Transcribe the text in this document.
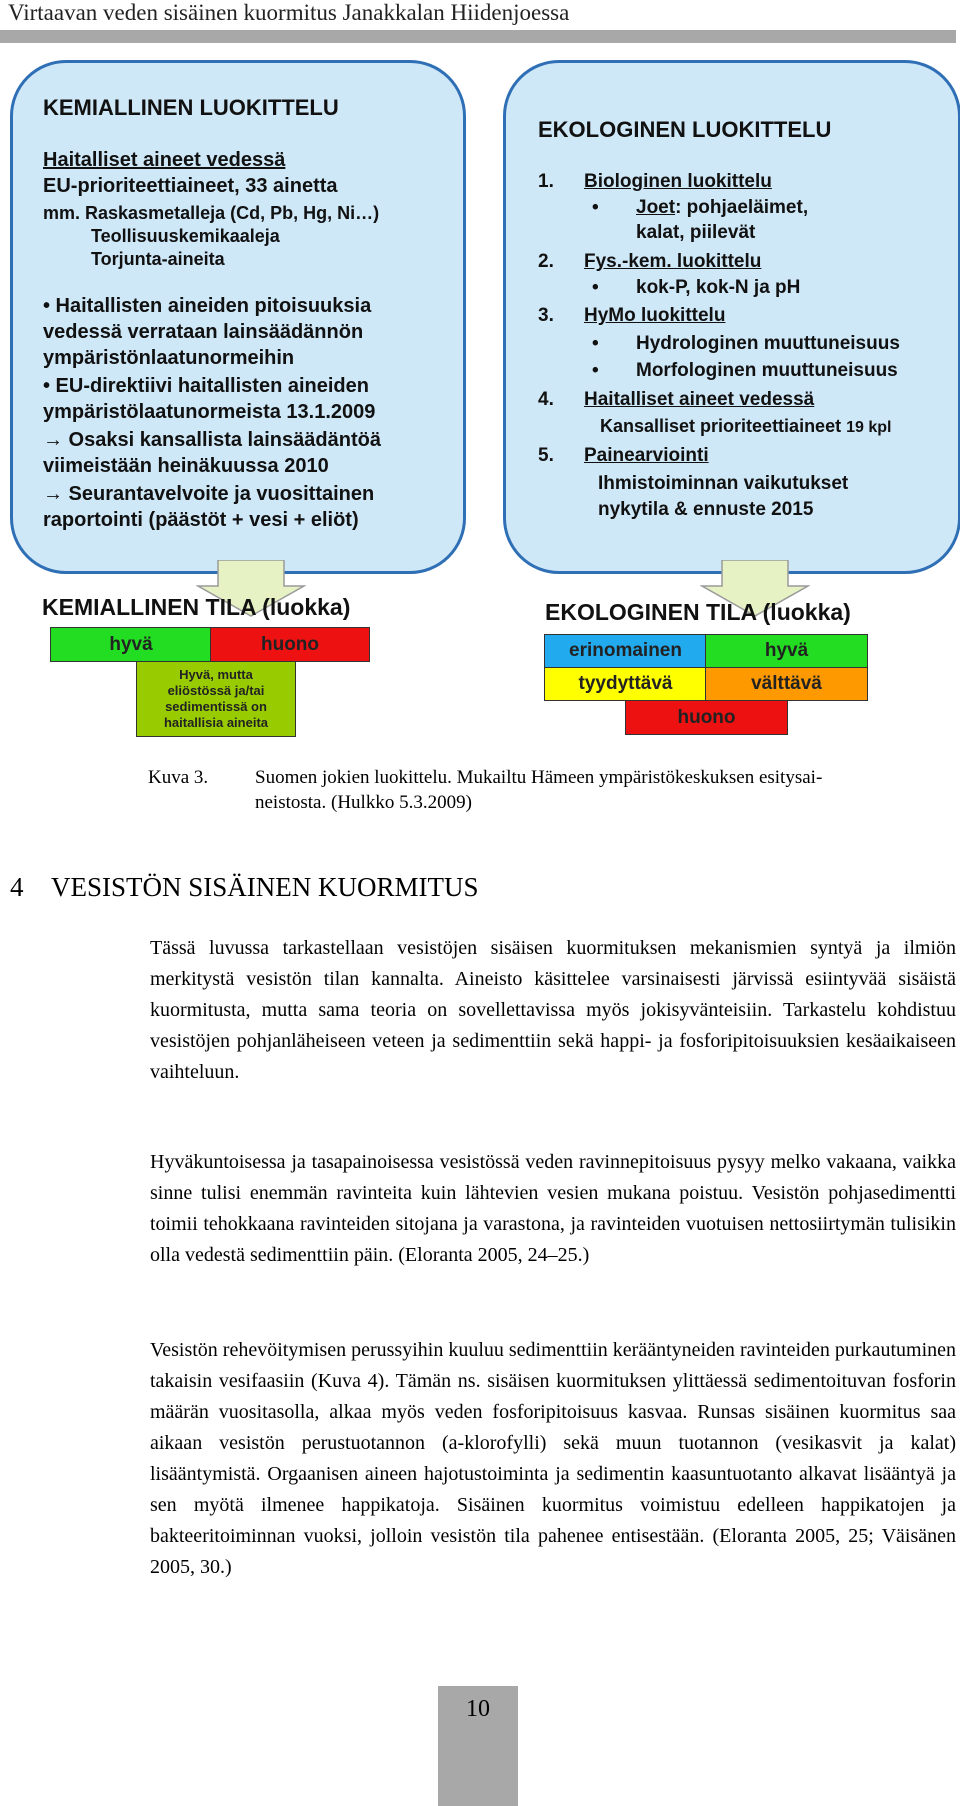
Virtaavan veden sisäinen kuormitus Janakkalan Hiidenjoessa
KEMIALLINEN LUOKITTELU
Haitalliset aineet vedessä
EU-prioriteettiaineet, 33 ainetta
mm. Raskasmetalleja (Cd, Pb, Hg, Ni…)
Teollisuuskemikaaleja
Torjunta-aineita
• Haitallisten aineiden pitoisuuksia
vedessä verrataan lainsäädännön
ympäristönlaatunormeihin
• EU-direktiivi haitallisten aineiden
ympäristölaatunormeista 13.1.2009
→ Osaksi kansallista lainsäädäntöä
viimeistään heinäkuussa 2010
→ Seurantavelvoite ja vuosittainen
raportointi (päästöt + vesi + eliöt)
EKOLOGINEN LUOKITTELU
1. Biologinen luokittelu
• Joet: pohjaeläimet,
kalat, piilevät
2. Fys.-kem. luokittelu
• kok-P, kok-N ja pH
3. HyMo luokittelu
• Hydrologinen muuttuneisuus
• Morfologinen muuttuneisuus
4. Haitalliset aineet vedessä
Kansalliset prioriteettiaineet 19 kpl
5. Painearviointi
Ihmistoiminnan vaikutukset
nykytila & ennuste 2015
KEMIALLINEN TILA (luokka)
hyvä	huono
Hyvä, mutta
eliöstössä ja/tai
sedimentissä on
haitallisia aineita
EKOLOGINEN TILA (luokka)
erinomainen	hyvä
tyydyttävä	välttävä
huono
Kuva 3. Suomen jokien luokittelu. Mukailtu Hämeen ympäristökeskuksen esitysai-
neistosta. (Hulkko 5.3.2009)
4 VESISTÖN SISÄINEN KUORMITUS

Tässä luvussa tarkastellaan vesistöjen sisäisen kuormituksen mekanismien syntyä ja ilmiön merkitystä vesistön tilan kannalta. Aineisto käsittelee varsinaisesti järvissä esiintyvää sisäistä kuormitusta, mutta sama teoria on sovellettavissa myös jokisyvänteisiin. Tarkastelu kohdistuu vesistöjen pohjanläheiseen veteen ja sedimenttiin sekä happi- ja fosforipitoisuuksien kesäaikaiseen vaihteluun.

Hyväkuntoisessa ja tasapainoisessa vesistössä veden ravinnepitoisuus pysyy melko vakaana, vaikka sinne tulisi enemmän ravinteita kuin lähtevien vesien mukana poistuu. Vesistön pohjasedimentti toimii tehokkaana ravinteiden sitojana ja varastona, ja ravinteiden vuotuisen nettosiirtymän tulisikin olla vedestä sedimenttiin päin. (Eloranta 2005, 24–25.)

Vesistön rehevöitymisen perussyihin kuuluu sedimenttiin kerääntyneiden ravinteiden purkautuminen takaisin vesifaasiin (Kuva 4). Tämän ns. sisäisen kuormituksen ylittäessä sedimentoituvan fosforin määrän vuositasolla, alkaa myös veden fosforipitoisuus kasvaa. Runsas sisäinen kuormitus saa aikaan vesistön perustuotannon (a-klorofylli) sekä muun tuotannon (vesikasvit ja kalat) lisääntymistä. Orgaanisen aineen hajotustoiminta ja sedimentin kaasuntuotanto alkavat lisääntyä ja sen myötä ilmenee happikatoja. Sisäinen kuormitus voimistuu edelleen happikatojen ja bakteeritoiminnan vuoksi, jolloin vesistön tila pahenee entisestään. (Eloranta 2005, 25; Väisänen 2005, 30.)

10
